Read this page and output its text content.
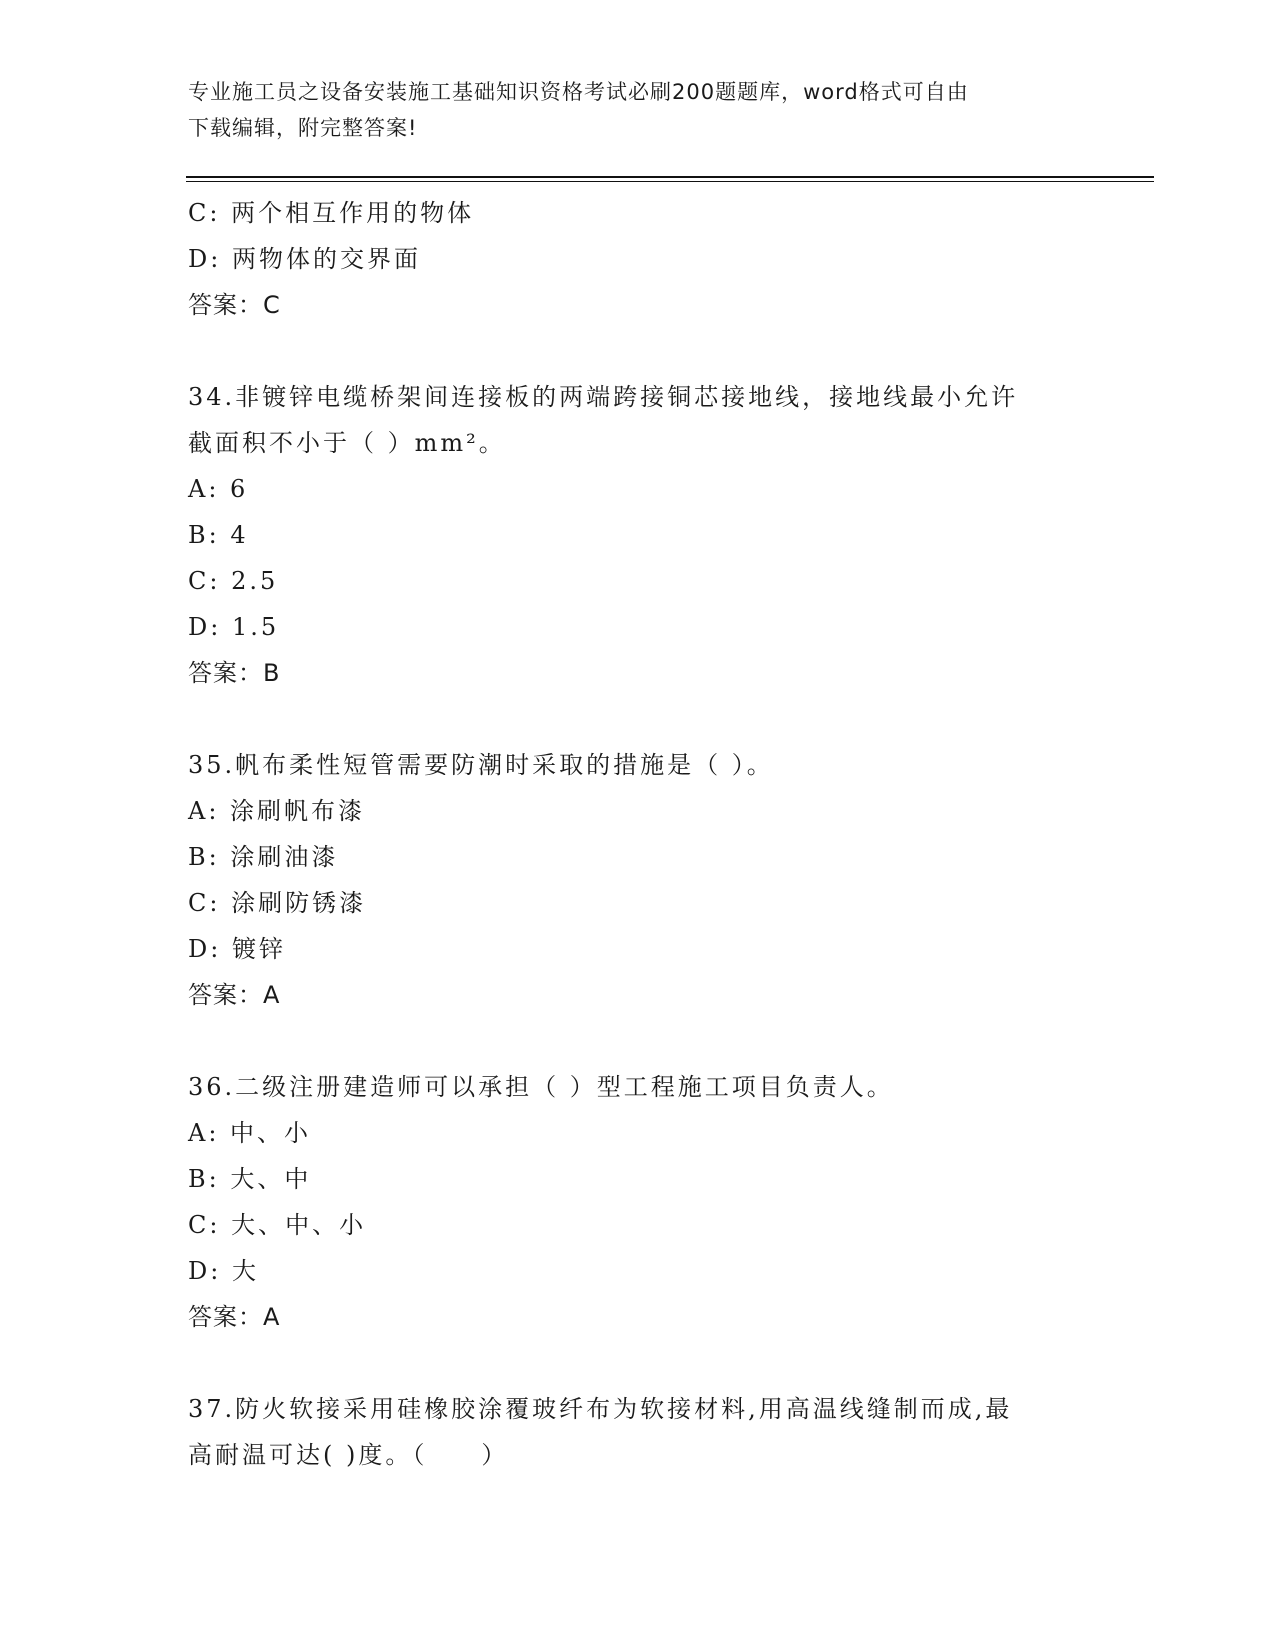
专业施工员之设备安装施工基础知识资格考试必刷200题题库，word格式可自由
下载编辑，附完整答案!
C: 两个相互作用的物体
D: 两物体的交界面
答案：C
34.非镀锌电缆桥架间连接板的两端跨接铜芯接地线，接地线最小允许
截面积不小于（ ）mm²。
A: 6
B: 4
C: 2.5
D: 1.5
答案：B
35.帆布柔性短管需要防潮时采取的措施是（ ）。
A: 涂刷帆布漆
B: 涂刷油漆
C: 涂刷防锈漆
D: 镀锌
答案：A
36.二级注册建造师可以承担（ ）型工程施工项目负责人。
A: 中、小
B: 大、中
C: 大、中、小
D: 大
答案：A
37.防火软接采用硅橡胶涂覆玻纤布为软接材料,用高温线缝制而成,最
高耐温可达( )度。（　　）
